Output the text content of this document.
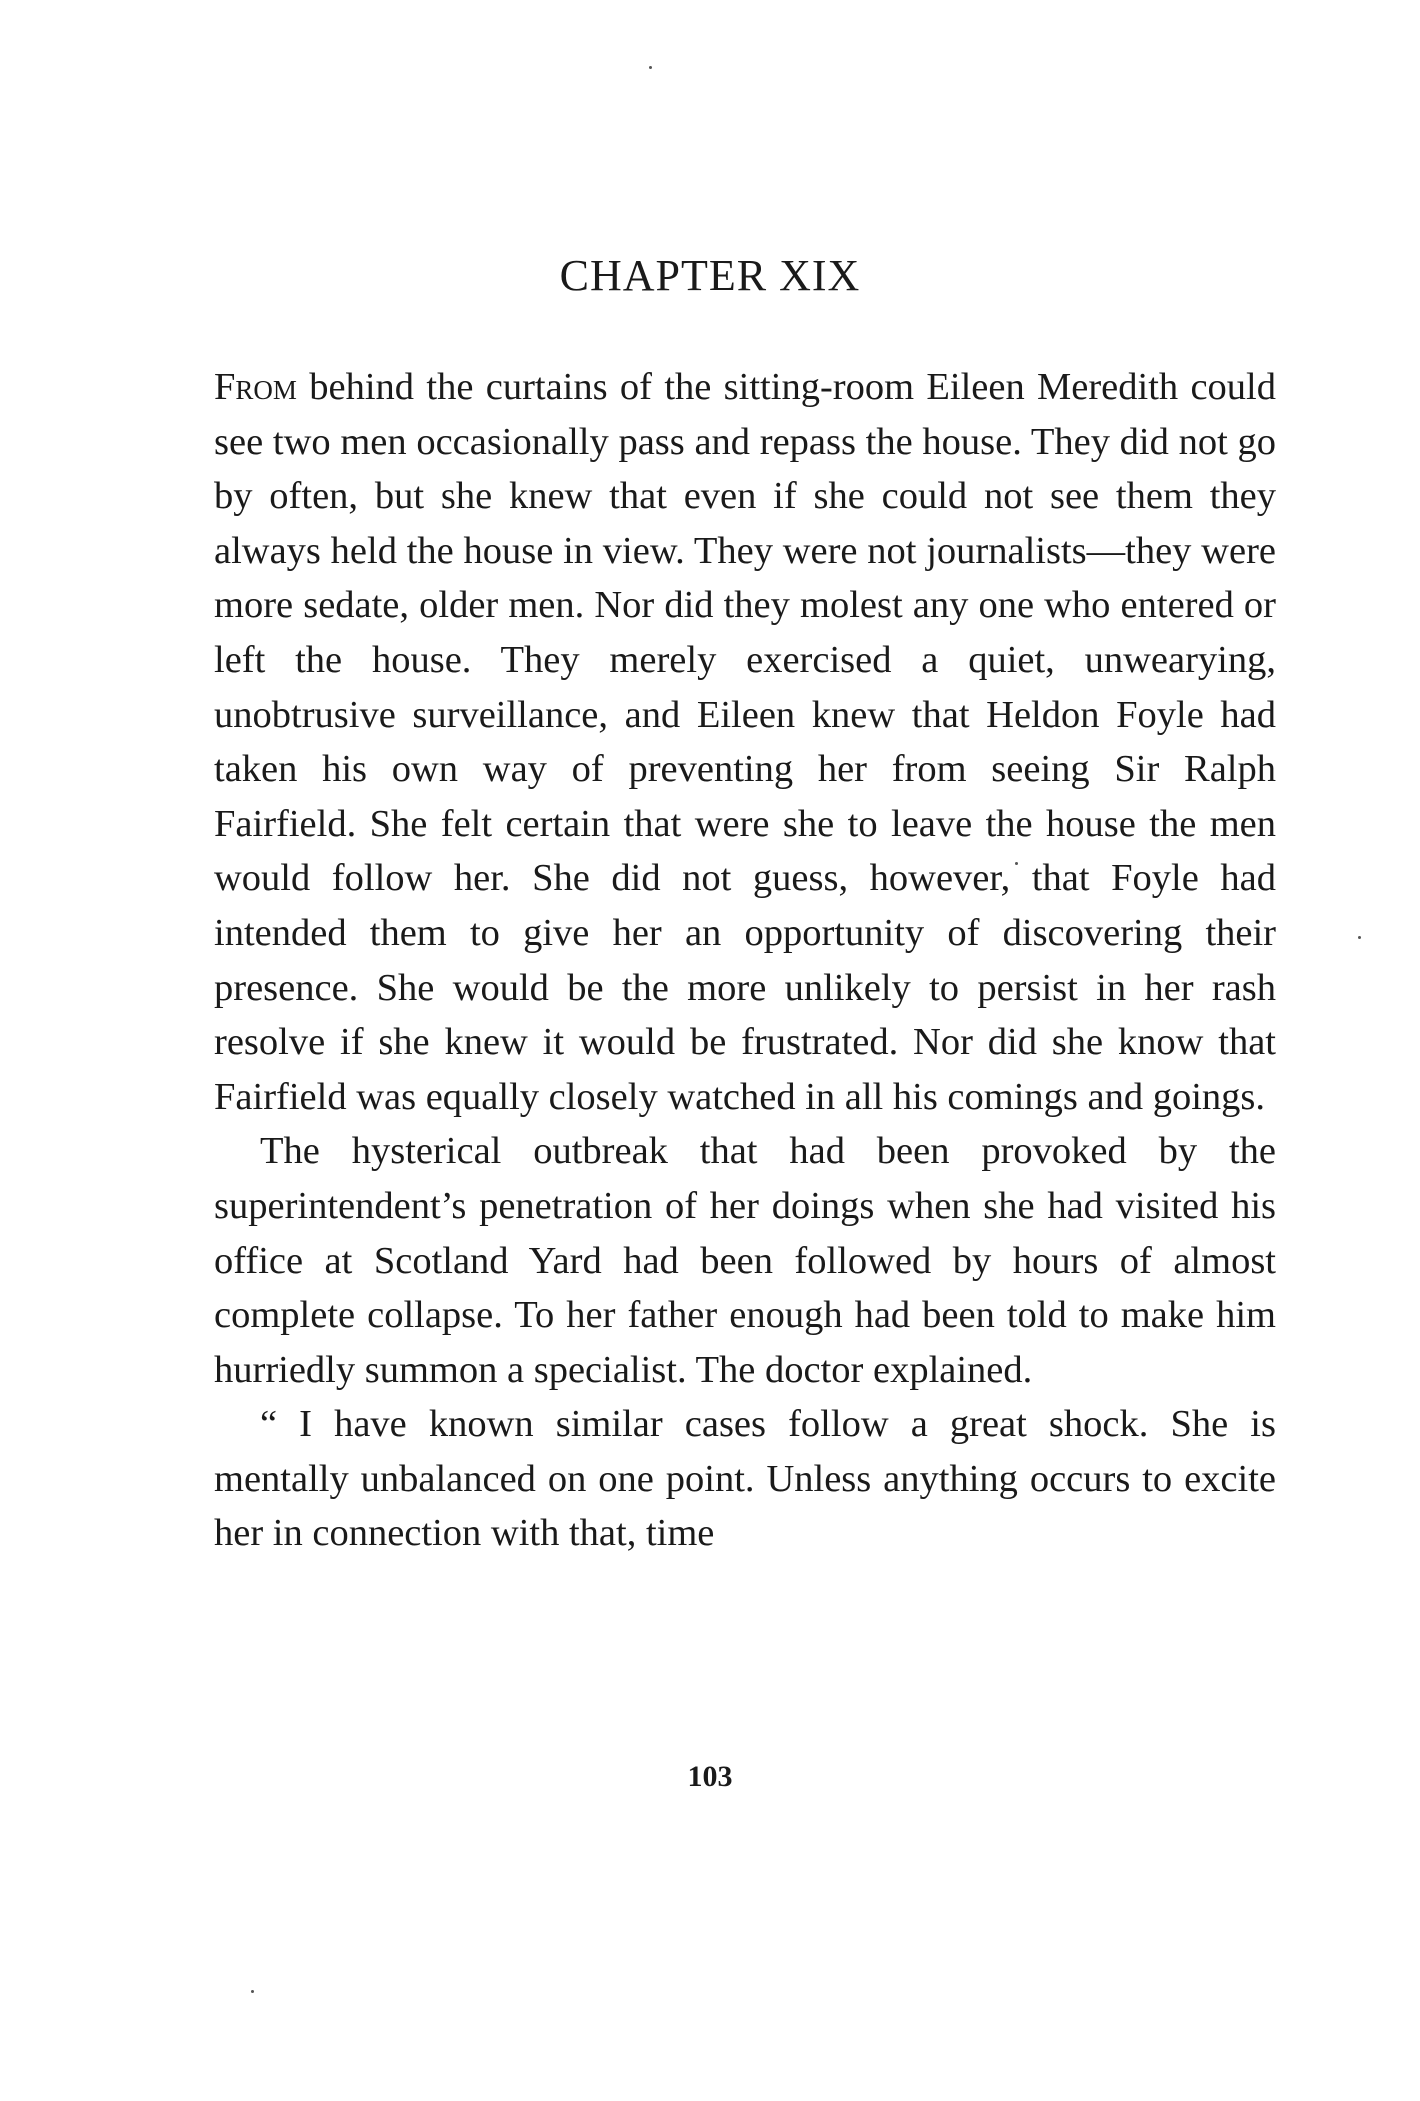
CHAPTER XIX

From behind the curtains of the sitting-room Eileen Meredith could see two men occasionally pass and repass the house. They did not go by often, but she knew that even if she could not see them they always held the house in view. They were not journalists—they were more sedate, older men. Nor did they molest any one who entered or left the house. They merely exercised a quiet, unwearying, unobtrusive surveillance, and Eileen knew that Heldon Foyle had taken his own way of preventing her from seeing Sir Ralph Fairfield. She felt certain that were she to leave the house the men would follow her. She did not guess, however, that Foyle had intended them to give her an opportunity of discovering their presence. She would be the more unlikely to persist in her rash resolve if she knew it would be frustrated. Nor did she know that Fairfield was equally closely watched in all his comings and goings.

The hysterical outbreak that had been provoked by the superintendent’s penetration of her doings when she had visited his office at Scotland Yard had been followed by hours of almost complete collapse. To her father enough had been told to make him hurriedly summon a specialist. The doctor explained.

“ I have known similar cases follow a great shock. She is mentally unbalanced on one point. Unless anything occurs to excite her in connection with that, time

103
